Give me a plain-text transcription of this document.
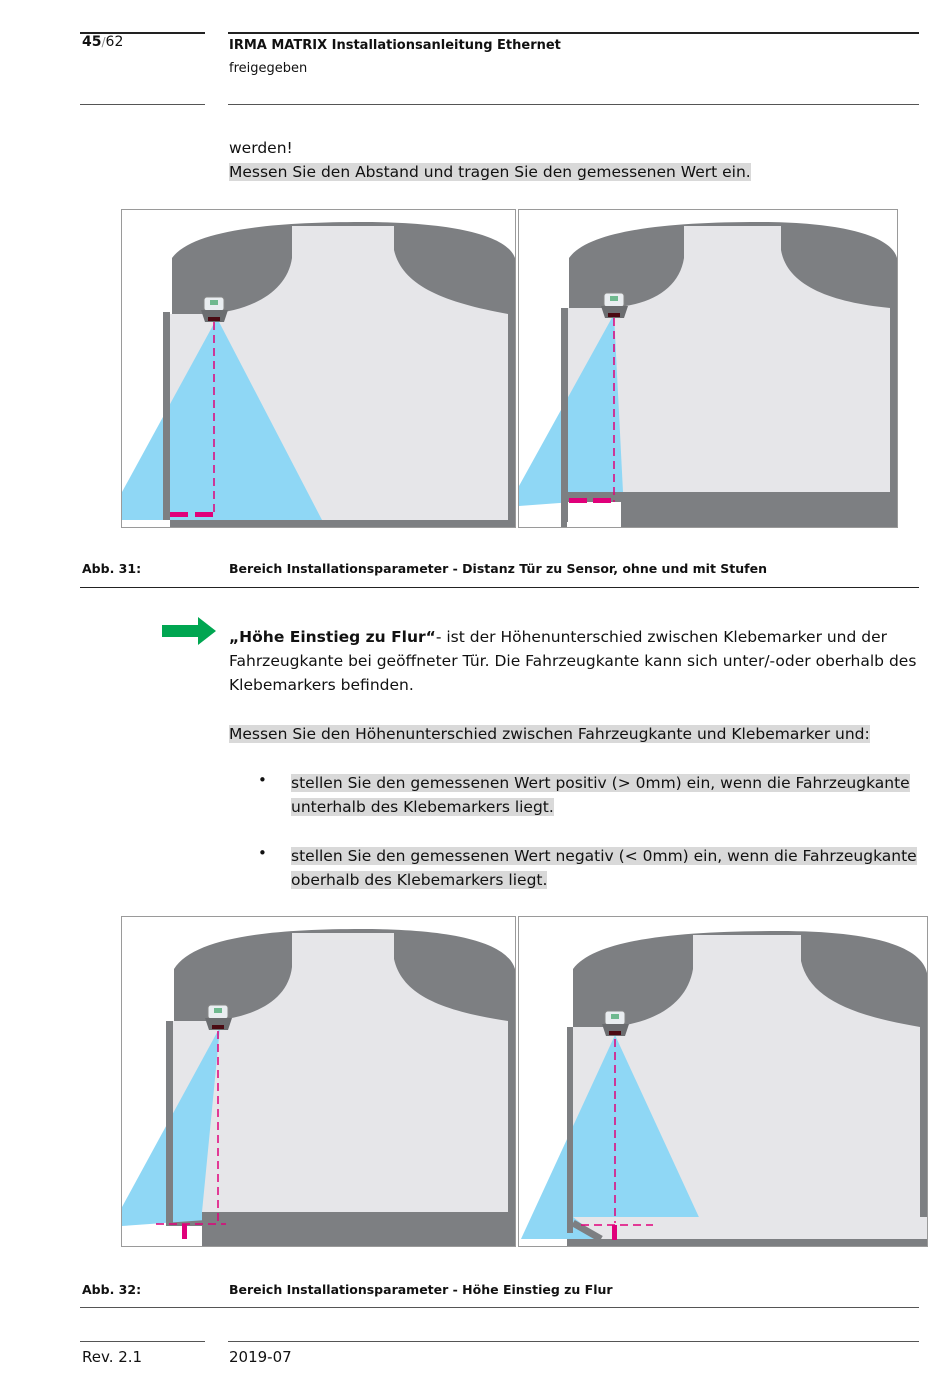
45/62	IRMA MATRIX Installationsanleitung Ethernet
freigegeben
werden!
Messen Sie den Abstand und tragen Sie den gemessenen Wert ein.
Abb. 31:	Bereich Installationsparameter - Distanz Tür zu Sensor, ohne und mit Stufen
„Höhe Einstieg zu Flur“- ist der Höhenunterschied zwischen Klebemarker und der
Fahrzeugkante bei geöffneter Tür. Die Fahrzeugkante kann sich unter/-oder oberhalb des
Klebemarkers befinden.
Messen Sie den Höhenunterschied zwischen Fahrzeugkante und Klebemarker und:
• stellen Sie den gemessenen Wert positiv (> 0mm) ein, wenn die Fahrzeugkante
unterhalb des Klebemarkers liegt.
• stellen Sie den gemessenen Wert negativ (< 0mm) ein, wenn die Fahrzeugkante
oberhalb des Klebemarkers liegt.
Abb. 32:	Bereich Installationsparameter - Höhe Einstieg zu Flur
Rev. 2.1	2019-07
